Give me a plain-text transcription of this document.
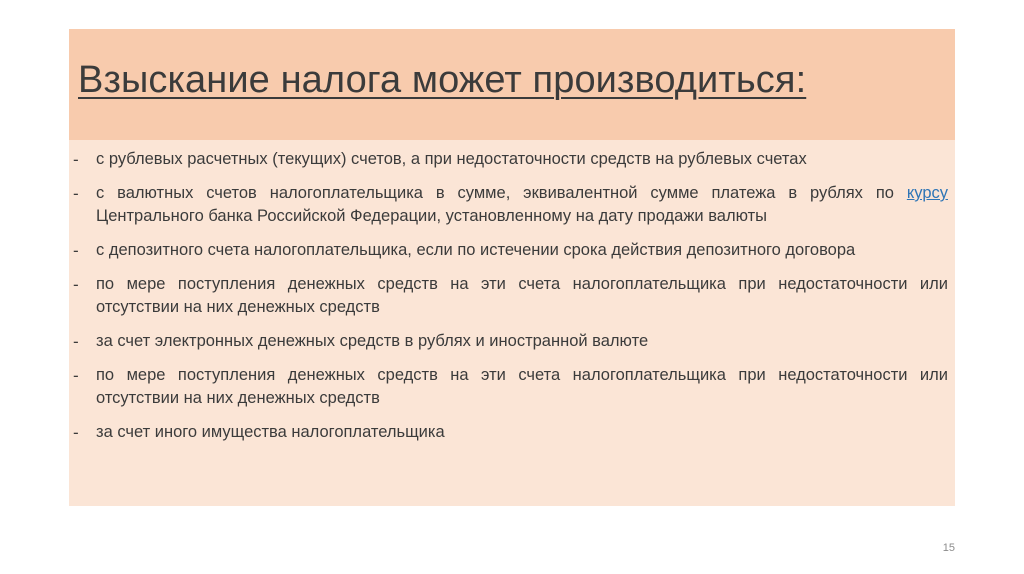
Взыскание налога может производиться:
- с рублевых расчетных (текущих) счетов, а при недостаточности средств на рублевых счетах
- с валютных счетов налогоплательщика в сумме, эквивалентной сумме платежа в рублях по курсу Центрального банка Российской Федерации, установленному на дату продажи валюты
- с депозитного счета налогоплательщика, если по истечении срока действия депозитного договора
- по мере поступления денежных средств на эти счета налогоплательщика при недостаточности или отсутствии на них денежных средств
- за счет электронных денежных средств в рублях и иностранной валюте
- по мере поступления денежных средств на эти счета налогоплательщика при недостаточности или отсутствии на них денежных средств
- за счет иного имущества налогоплательщика
15
